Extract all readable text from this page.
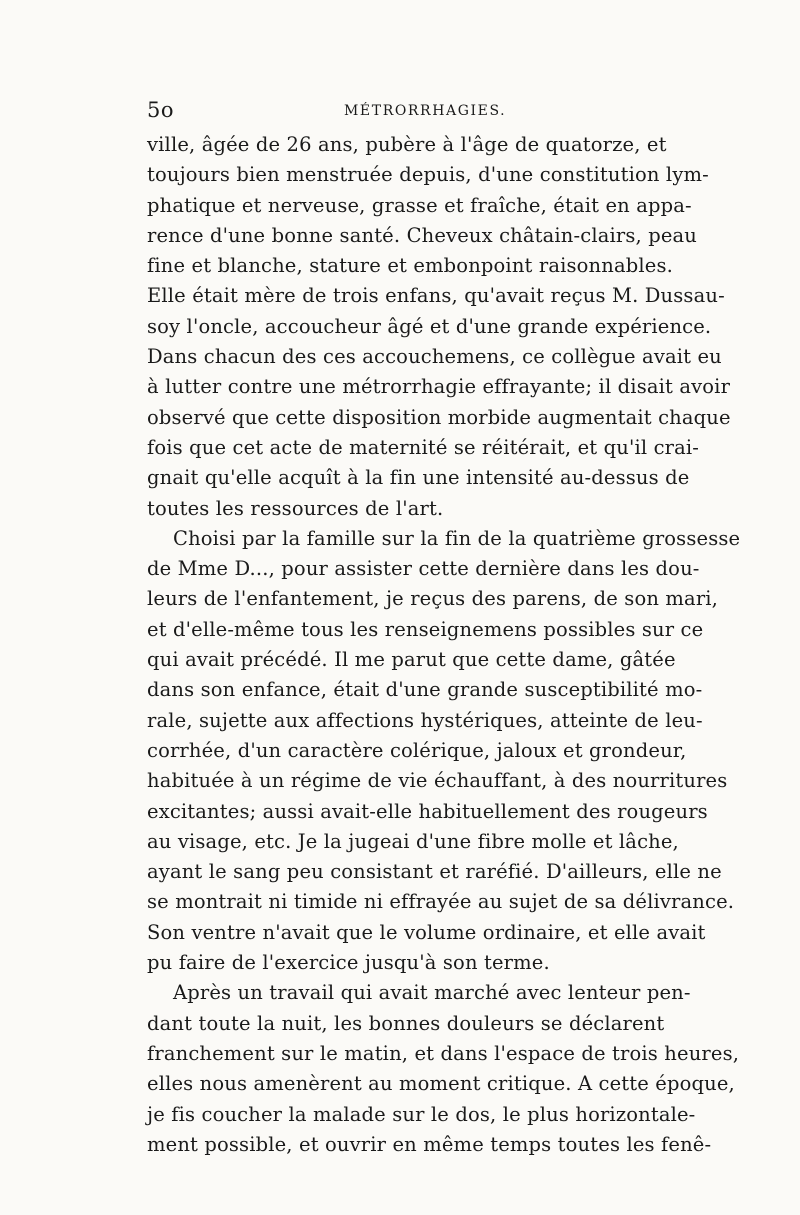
5o	MÉTRORRHAGIES.
ville, âgée de 26 ans, pubère à l'âge de quatorze, et
toujours bien menstruée depuis, d'une constitution lym-
phatique et nerveuse, grasse et fraîche, était en appa-
rence d'une bonne santé. Cheveux châtain-clairs, peau
fine et blanche, stature et embonpoint raisonnables.
Elle était mère de trois enfans, qu'avait reçus M. Dussau-
soy l'oncle, accoucheur âgé et d'une grande expérience.
Dans chacun des ces accouchemens, ce collègue avait eu
à lutter contre une métrorrhagie effrayante; il disait avoir
observé que cette disposition morbide augmentait chaque
fois que cet acte de maternité se réitérait, et qu'il crai-
gnait qu'elle acquît à la fin une intensité au-dessus de
toutes les ressources de l'art.
Choisi par la famille sur la fin de la quatrième grossesse
de Mme D..., pour assister cette dernière dans les dou-
leurs de l'enfantement, je reçus des parens, de son mari,
et d'elle-même tous les renseignemens possibles sur ce
qui avait précédé. Il me parut que cette dame, gâtée
dans son enfance, était d'une grande susceptibilité mo-
rale, sujette aux affections hystériques, atteinte de leu-
corrhée, d'un caractère colérique, jaloux et grondeur,
habituée à un régime de vie échauffant, à des nourritures
excitantes; aussi avait-elle habituellement des rougeurs
au visage, etc. Je la jugeai d'une fibre molle et lâche,
ayant le sang peu consistant et raréfié. D'ailleurs, elle ne
se montrait ni timide ni effrayée au sujet de sa délivrance.
Son ventre n'avait que le volume ordinaire, et elle avait
pu faire de l'exercice jusqu'à son terme.
Après un travail qui avait marché avec lenteur pen-
dant toute la nuit, les bonnes douleurs se déclarent
franchement sur le matin, et dans l'espace de trois heures,
elles nous amenèrent au moment critique. A cette époque,
je fis coucher la malade sur le dos, le plus horizontale-
ment possible, et ouvrir en même temps toutes les fenê-
